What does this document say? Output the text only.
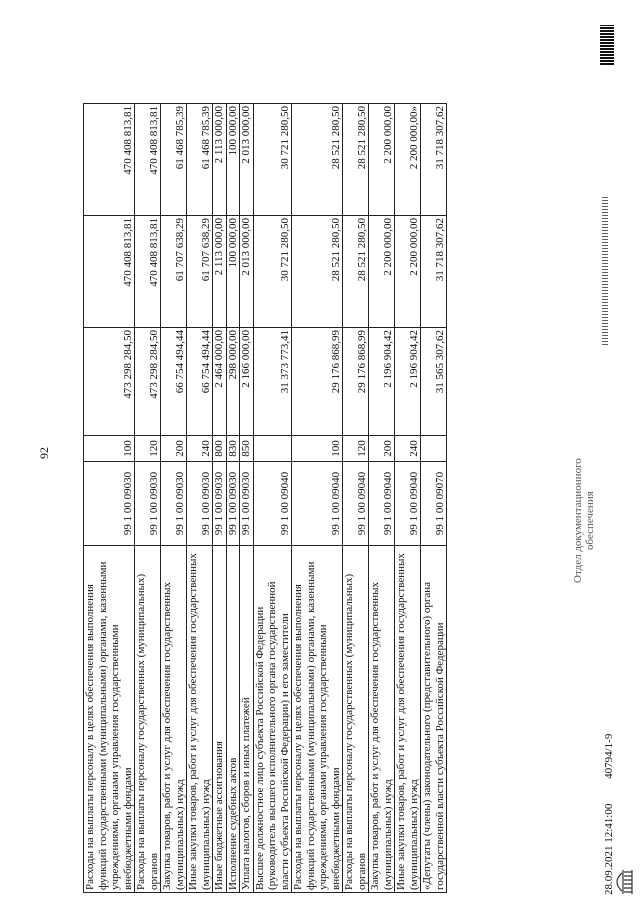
92
Расходы на выплаты персоналу в целях обеспечения выполнения функций государственными (муниципальными) органами, казенными учреждениями, органами управления государственными внебюджетными фондами	99 1 00 09030	100	473 298 284,50	470 408 813,81	470 408 813,81
Расходы на выплаты персоналу государственных (муниципальных) органов	99 1 00 09030	120	473 298 284,50	470 408 813,81	470 408 813,81
Закупка товаров, работ и услуг для обеспечения государственных (муниципальных) нужд	99 1 00 09030	200	66 754 494,44	61 707 638,29	61 468 785,39
Иные закупки товаров, работ и услуг для обеспечения государственных (муниципальных) нужд	99 1 00 09030	240	66 754 494,44	61 707 638,29	61 468 785,39
Иные бюджетные ассигнования	99 1 00 09030	800	2 464 000,00	2 113 000,00	2 113 000,00
Исполнение судебных актов	99 1 00 09030	830	298 000,00	100 000,00	100 000,00
Уплата налогов, сборов и иных платежей	99 1 00 09030	850	2 166 000,00	2 013 000,00	2 013 000,00
Высшее должностное лицо субъекта Российской Федерации (руководитель высшего исполнительного органа государственной власти субъекта Российской Федерации) и его заместители	99 1 00 09040		31 373 773,41	30 721 280,50	30 721 280,50
Расходы на выплаты персоналу в целях обеспечения выполнения функций государственными (муниципальными) органами, казенными учреждениями, органами управления государственными внебюджетными фондами	99 1 00 09040	100	29 176 868,99	28 521 280,50	28 521 280,50
Расходы на выплаты персоналу государственных (муниципальных) органов	99 1 00 09040	120	29 176 868,99	28 521 280,50	28 521 280,50
Закупка товаров, работ и услуг для обеспечения государственных (муниципальных) нужд	99 1 00 09040	200	2 196 904,42	2 200 000,00	2 200 000,00
Иные закупки товаров, работ и услуг для обеспечения государственных (муниципальных) нужд	99 1 00 09040	240	2 196 904,42	2 200 000,00	2 200 000,00»
«Депутаты (члены) законодательного (представительного) органа государственной власти субъекта Российской Федерации	99 1 00 09070		31 565 307,62	31 718 307,62	31 718 307,62
Отдел документационного обеспечения
28.09.2021 12:41:00 40794/1-9
